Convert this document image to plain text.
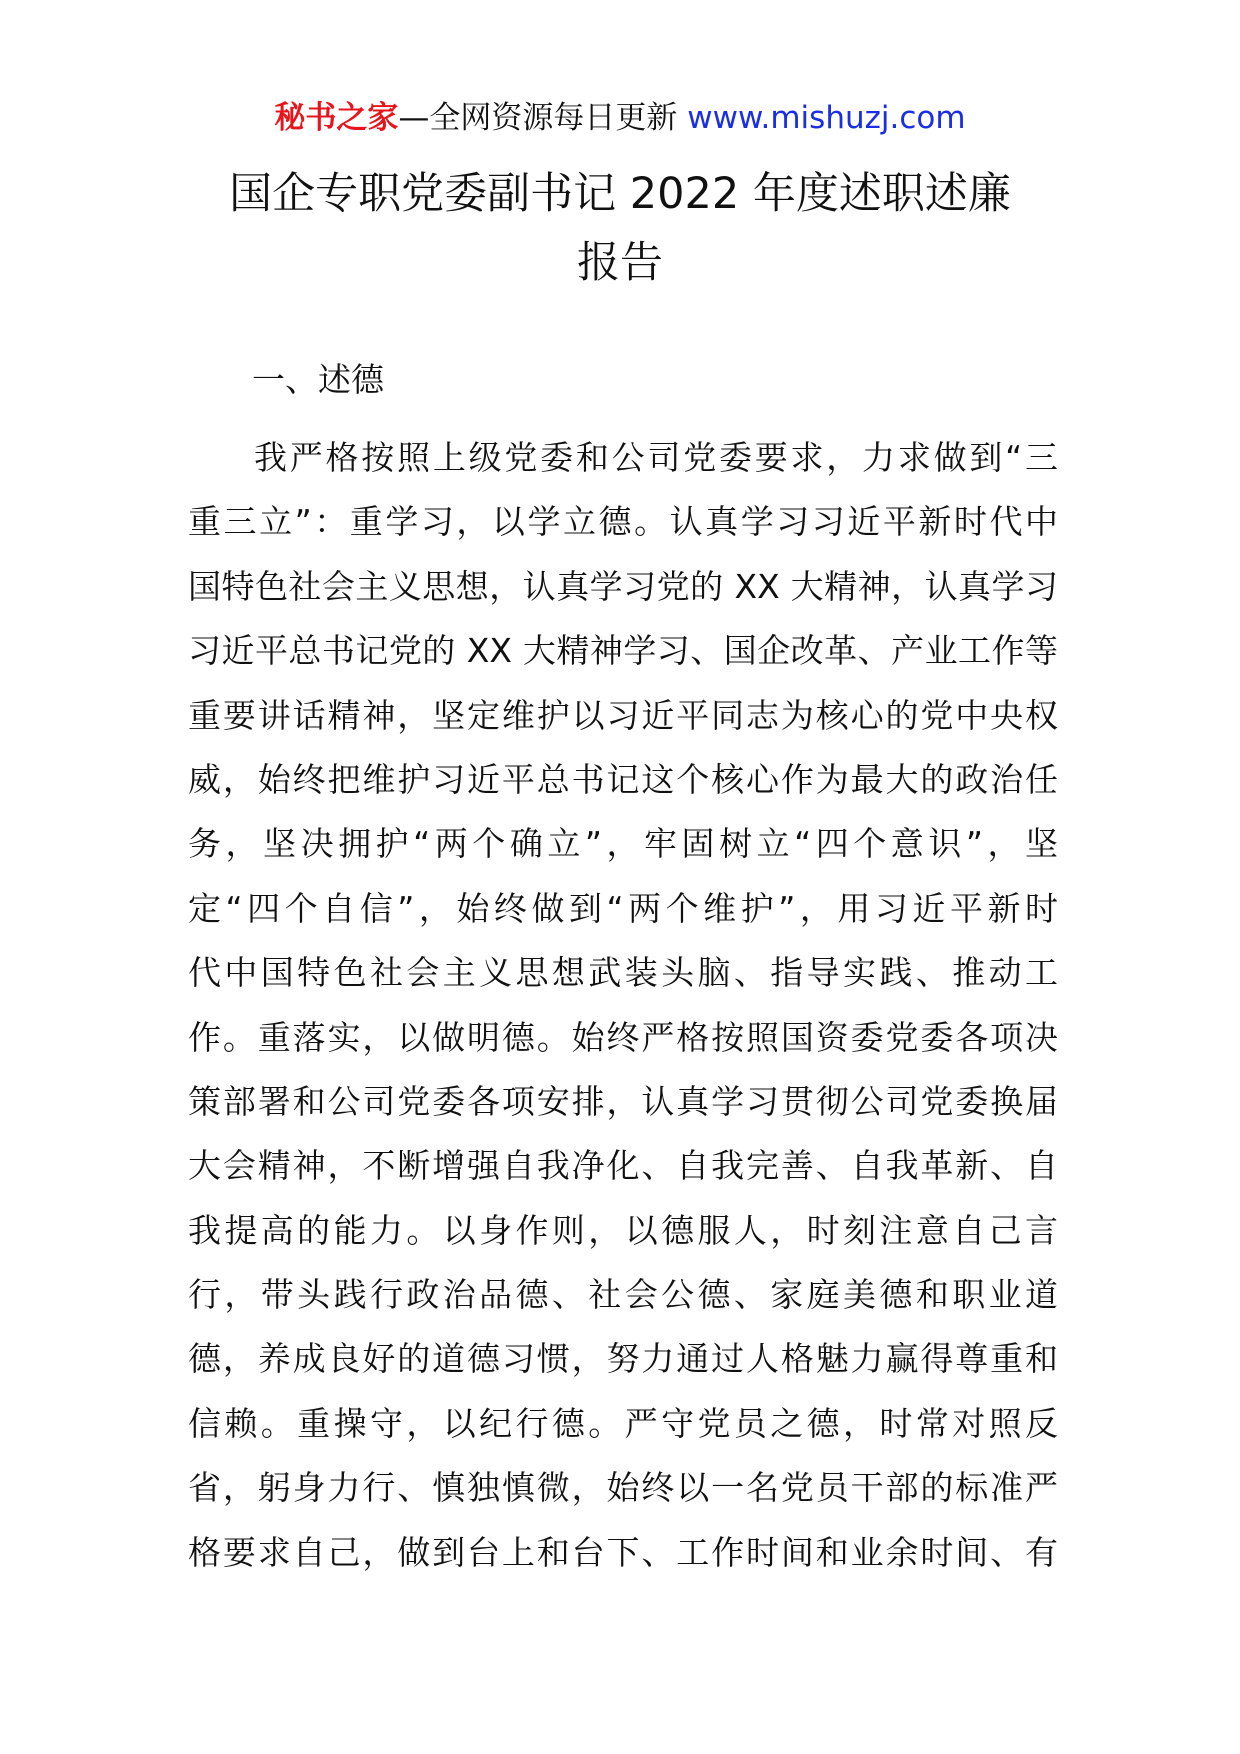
秘书之家—全网资源每日更新 www.mishuzj.com
国企专职党委副书记 2022 年度述职述廉
报告
一、述德
我严格按照上级党委和公司党委要求，力求做到“三
重三立”：重学习，以学立德。认真学习习近平新时代中
国特色社会主义思想，认真学习党的 XX 大精神，认真学习
习近平总书记党的 XX 大精神学习、国企改革、产业工作等
重要讲话精神，坚定维护以习近平同志为核心的党中央权
威，始终把维护习近平总书记这个核心作为最大的政治任
务，坚决拥护“两个确立”，牢固树立“四个意识”，坚
定“四个自信”，始终做到“两个维护”，用习近平新时
代中国特色社会主义思想武装头脑、指导实践、推动工
作。重落实，以做明德。始终严格按照国资委党委各项决
策部署和公司党委各项安排，认真学习贯彻公司党委换届
大会精神，不断增强自我净化、自我完善、自我革新、自
我提高的能力。以身作则，以德服人，时刻注意自己言
行，带头践行政治品德、社会公德、家庭美德和职业道
德，养成良好的道德习惯，努力通过人格魅力赢得尊重和
信赖。重操守，以纪行德。严守党员之德，时常对照反
省，躬身力行、慎独慎微，始终以一名党员干部的标准严
格要求自己，做到台上和台下、工作时间和业余时间、有
